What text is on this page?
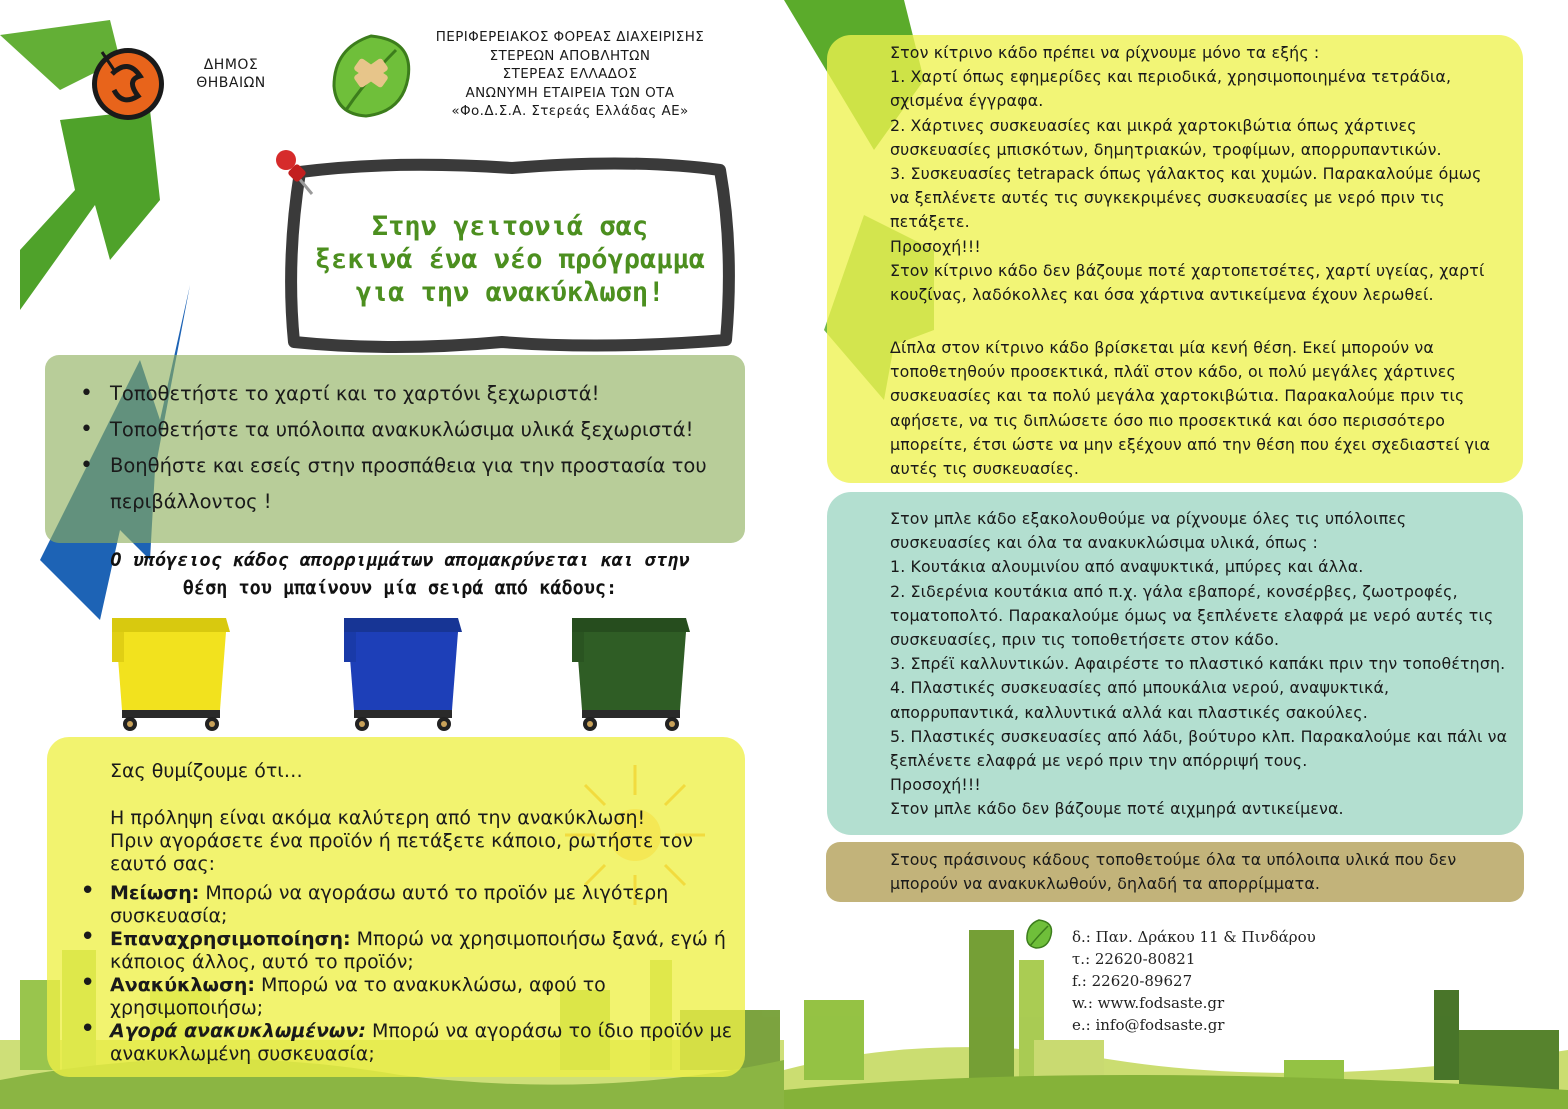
ΔΗΜΟΣ
ΘΗΒΑΙΩΝ
ΠΕΡΙΦΕΡΕΙΑΚΟΣ ΦΟΡΕΑΣ ΔΙΑΧΕΙΡΙΣΗΣ
ΣΤΕΡΕΩΝ ΑΠΟΒΛΗΤΩΝ
ΣΤΕΡΕΑΣ ΕΛΛΑΔΟΣ
ΑΝΩΝΥΜΗ ΕΤΑΙΡΕΙΑ ΤΩΝ ΟΤΑ
«Φο.Δ.Σ.Α. Στερεάς Ελλάδας ΑΕ»
Στην γειτονιά σας
ξεκινά ένα νέο πρόγραμμα
για την ανακύκλωση!
• Τοποθετήστε το χαρτί και το χαρτόνι ξεχωριστά!
• Τοποθετήστε τα υπόλοιπα ανακυκλώσιμα υλικά ξεχωριστά!
• Βοηθήστε και εσείς στην προσπάθεια για την προστασία του περιβάλλοντος !
Ο υπόγειος κάδος απορριμμάτων απομακρύνεται και στην
θέση του μπαίνουν μία σειρά από κάδους:
Σας θυμίζουμε ότι…
Η πρόληψη είναι ακόμα καλύτερη από την ανακύκλωση!
Πριν αγοράσετε ένα προϊόν ή πετάξετε κάποιο, ρωτήστε τον εαυτό σας:
• Μείωση: Μπορώ να αγοράσω αυτό το προϊόν με λιγότερη συσκευασία;
• Επαναχρησιμοποίηση: Μπορώ να χρησιμοποιήσω ξανά, εγώ ή κάποιος άλλος, αυτό το προϊόν;
• Ανακύκλωση: Μπορώ να το ανακυκλώσω, αφού το χρησιμοποιήσω;
• Αγορά ανακυκλωμένων: Μπορώ να αγοράσω το ίδιο προϊόν με ανακυκλωμένη συσκευασία;
Στον κίτρινο κάδο πρέπει να ρίχνουμε μόνο τα εξής :
1. Χαρτί όπως εφημερίδες και περιοδικά, χρησιμοποιημένα τετράδια,
σχισμένα έγγραφα.
2. Χάρτινες συσκευασίες και μικρά χαρτοκιβώτια όπως χάρτινες
συσκευασίες μπισκότων, δημητριακών, τροφίμων, απορρυπαντικών.
3. Συσκευασίες tetrapack όπως γάλακτος και χυμών. Παρακαλούμε όμως
να ξεπλένετε αυτές τις συγκεκριμένες συσκευασίες με νερό πριν τις
πετάξετε.
Προσοχή!!!
Στον κίτρινο κάδο δεν βάζουμε ποτέ χαρτοπετσέτες, χαρτί υγείας, χαρτί
κουζίνας, λαδόκολλες και όσα χάρτινα αντικείμενα έχουν λερωθεί.
Δίπλα στον κίτρινο κάδο βρίσκεται μία κενή θέση. Εκεί μπορούν να
τοποθετηθούν προσεκτικά, πλάϊ στον κάδο, οι πολύ μεγάλες χάρτινες
συσκευασίες και τα πολύ μεγάλα χαρτοκιβώτια. Παρακαλούμε πριν τις
αφήσετε, να τις διπλώσετε όσο πιο προσεκτικά και όσο περισσότερο
μπορείτε, έτσι ώστε να μην εξέχουν από την θέση που έχει σχεδιαστεί για
αυτές τις συσκευασίες.
Στον μπλε κάδο εξακολουθούμε να ρίχνουμε όλες τις υπόλοιπες
συσκευασίες και όλα τα ανακυκλώσιμα υλικά, όπως :
1. Κουτάκια αλουμινίου από αναψυκτικά, μπύρες και άλλα.
2. Σιδερένια κουτάκια από π.χ. γάλα εβαπορέ, κονσέρβες, ζωοτροφές,
τοματοπολτό. Παρακαλούμε όμως να ξεπλένετε ελαφρά με νερό αυτές τις
συσκευασίες, πριν τις τοποθετήσετε στον κάδο.
3. Σπρέϊ καλλυντικών. Αφαιρέστε το πλαστικό καπάκι πριν την τοποθέτηση.
4. Πλαστικές συσκευασίες από μπουκάλια νερού, αναψυκτικά,
απορρυπαντικά, καλλυντικά αλλά και πλαστικές σακούλες.
5. Πλαστικές συσκευασίες από λάδι, βούτυρο κλπ. Παρακαλούμε και πάλι να
ξεπλένετε ελαφρά με νερό πριν την απόρριψή τους.
Προσοχή!!!
Στον μπλε κάδο δεν βάζουμε ποτέ αιχμηρά αντικείμενα.
Στους πράσινους κάδους τοποθετούμε όλα τα υπόλοιπα υλικά που δεν
μπορούν να ανακυκλωθούν, δηλαδή τα απορρίμματα.
δ.: Παν. Δράκου 11 & Πινδάρου
τ.: 22620-80821
f.: 22620-89627
w.: www.fodsaste.gr
e.: info@fodsaste.gr
